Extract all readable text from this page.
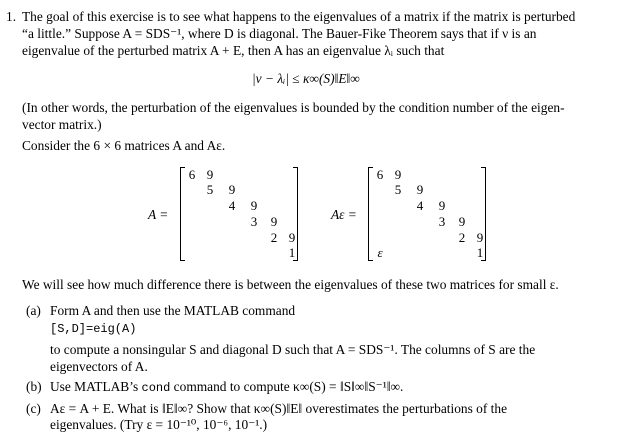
1. The goal of this exercise is to see what happens to the eigenvalues of a matrix if the matrix is perturbed
“a little.” Suppose A = SDS⁻¹, where D is diagonal. The Bauer-Fike Theorem says that if ν is an
eigenvalue of the perturbed matrix A + E, then A has an eigenvalue λᵢ such that
|ν − λᵢ| ≤ κ∞(S)‖E‖∞
(In other words, the perturbation of the eigenvalues is bounded by the condition number of the eigen-
vector matrix.)
Consider the 6 × 6 matrices A and Aε.
A =
6 9
5 9
4 9
3 9
2 9
1
Aε =
6 9
5 9
4 9
3 9
2 9
ε	1
We will see how much difference there is between the eigenvalues of these two matrices for small ε.
(a) Form A and then use the MATLAB command
[S,D]=eig(A)
to compute a nonsingular S and diagonal D such that A = SDS⁻¹. The columns of S are the
eigenvectors of A.
(b) Use MATLAB’s cond command to compute κ∞(S) = ‖S‖∞‖S⁻¹‖∞.
(c) Aε = A + E. What is ‖E‖∞? Show that κ∞(S)‖E‖ overestimates the perturbations of the
eigenvalues. (Try ε = 10⁻¹⁰, 10⁻⁶, 10⁻¹.)
